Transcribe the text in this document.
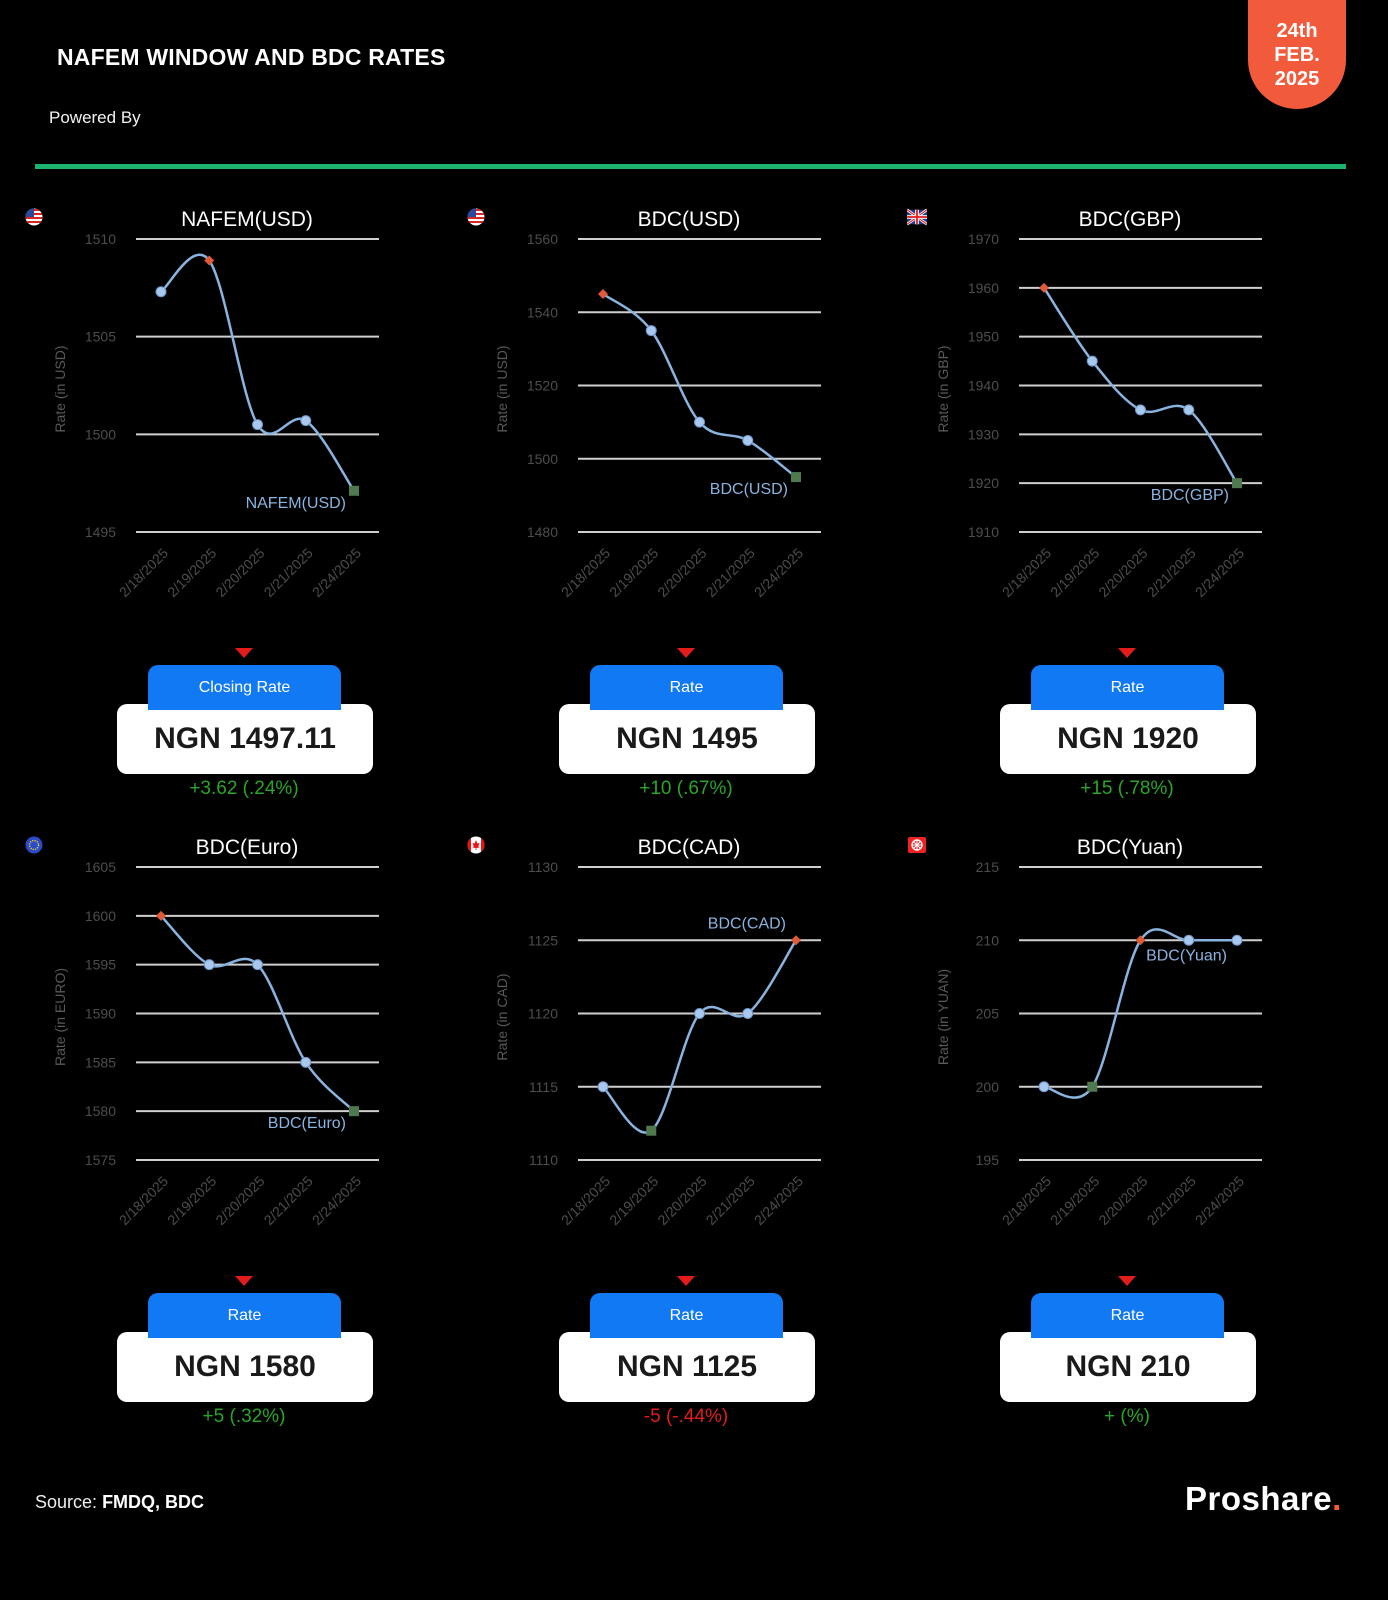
NAFEM WINDOW AND BDC RATES
Powered By
24th
FEB.
2025
NAFEM(USD)
Rate (in USD)
1495
1500
1505
1510
2/18/2025
2/19/2025
2/20/2025
2/21/2025
2/24/2025
NAFEM(USD)
Closing Rate
NGN 1497.11
+3.62 (.24%)
BDC(USD)
Rate (in USD)
1480
1500
1520
1540
1560
2/18/2025
2/19/2025
2/20/2025
2/21/2025
2/24/2025
BDC(USD)
Rate
NGN 1495
+10 (.67%)
BDC(GBP)
Rate (in GBP)
1910
1920
1930
1940
1950
1960
1970
2/18/2025
2/19/2025
2/20/2025
2/21/2025
2/24/2025
BDC(GBP)
Rate
NGN 1920
+15 (.78%)
BDC(Euro)
Rate (in EURO)
1575
1580
1585
1590
1595
1600
1605
2/18/2025
2/19/2025
2/20/2025
2/21/2025
2/24/2025
BDC(Euro)
Rate
NGN 1580
+5 (.32%)
BDC(CAD)
Rate (in CAD)
1110
1115
1120
1125
1130
2/18/2025
2/19/2025
2/20/2025
2/21/2025
2/24/2025
BDC(CAD)
Rate
NGN 1125
-5 (-.44%)
BDC(Yuan)
Rate (in YUAN)
195
200
205
210
215
2/18/2025
2/19/2025
2/20/2025
2/21/2025
2/24/2025
BDC(Yuan)
Rate
NGN 210
+ (%)
Source: FMDQ, BDC	Proshare.
